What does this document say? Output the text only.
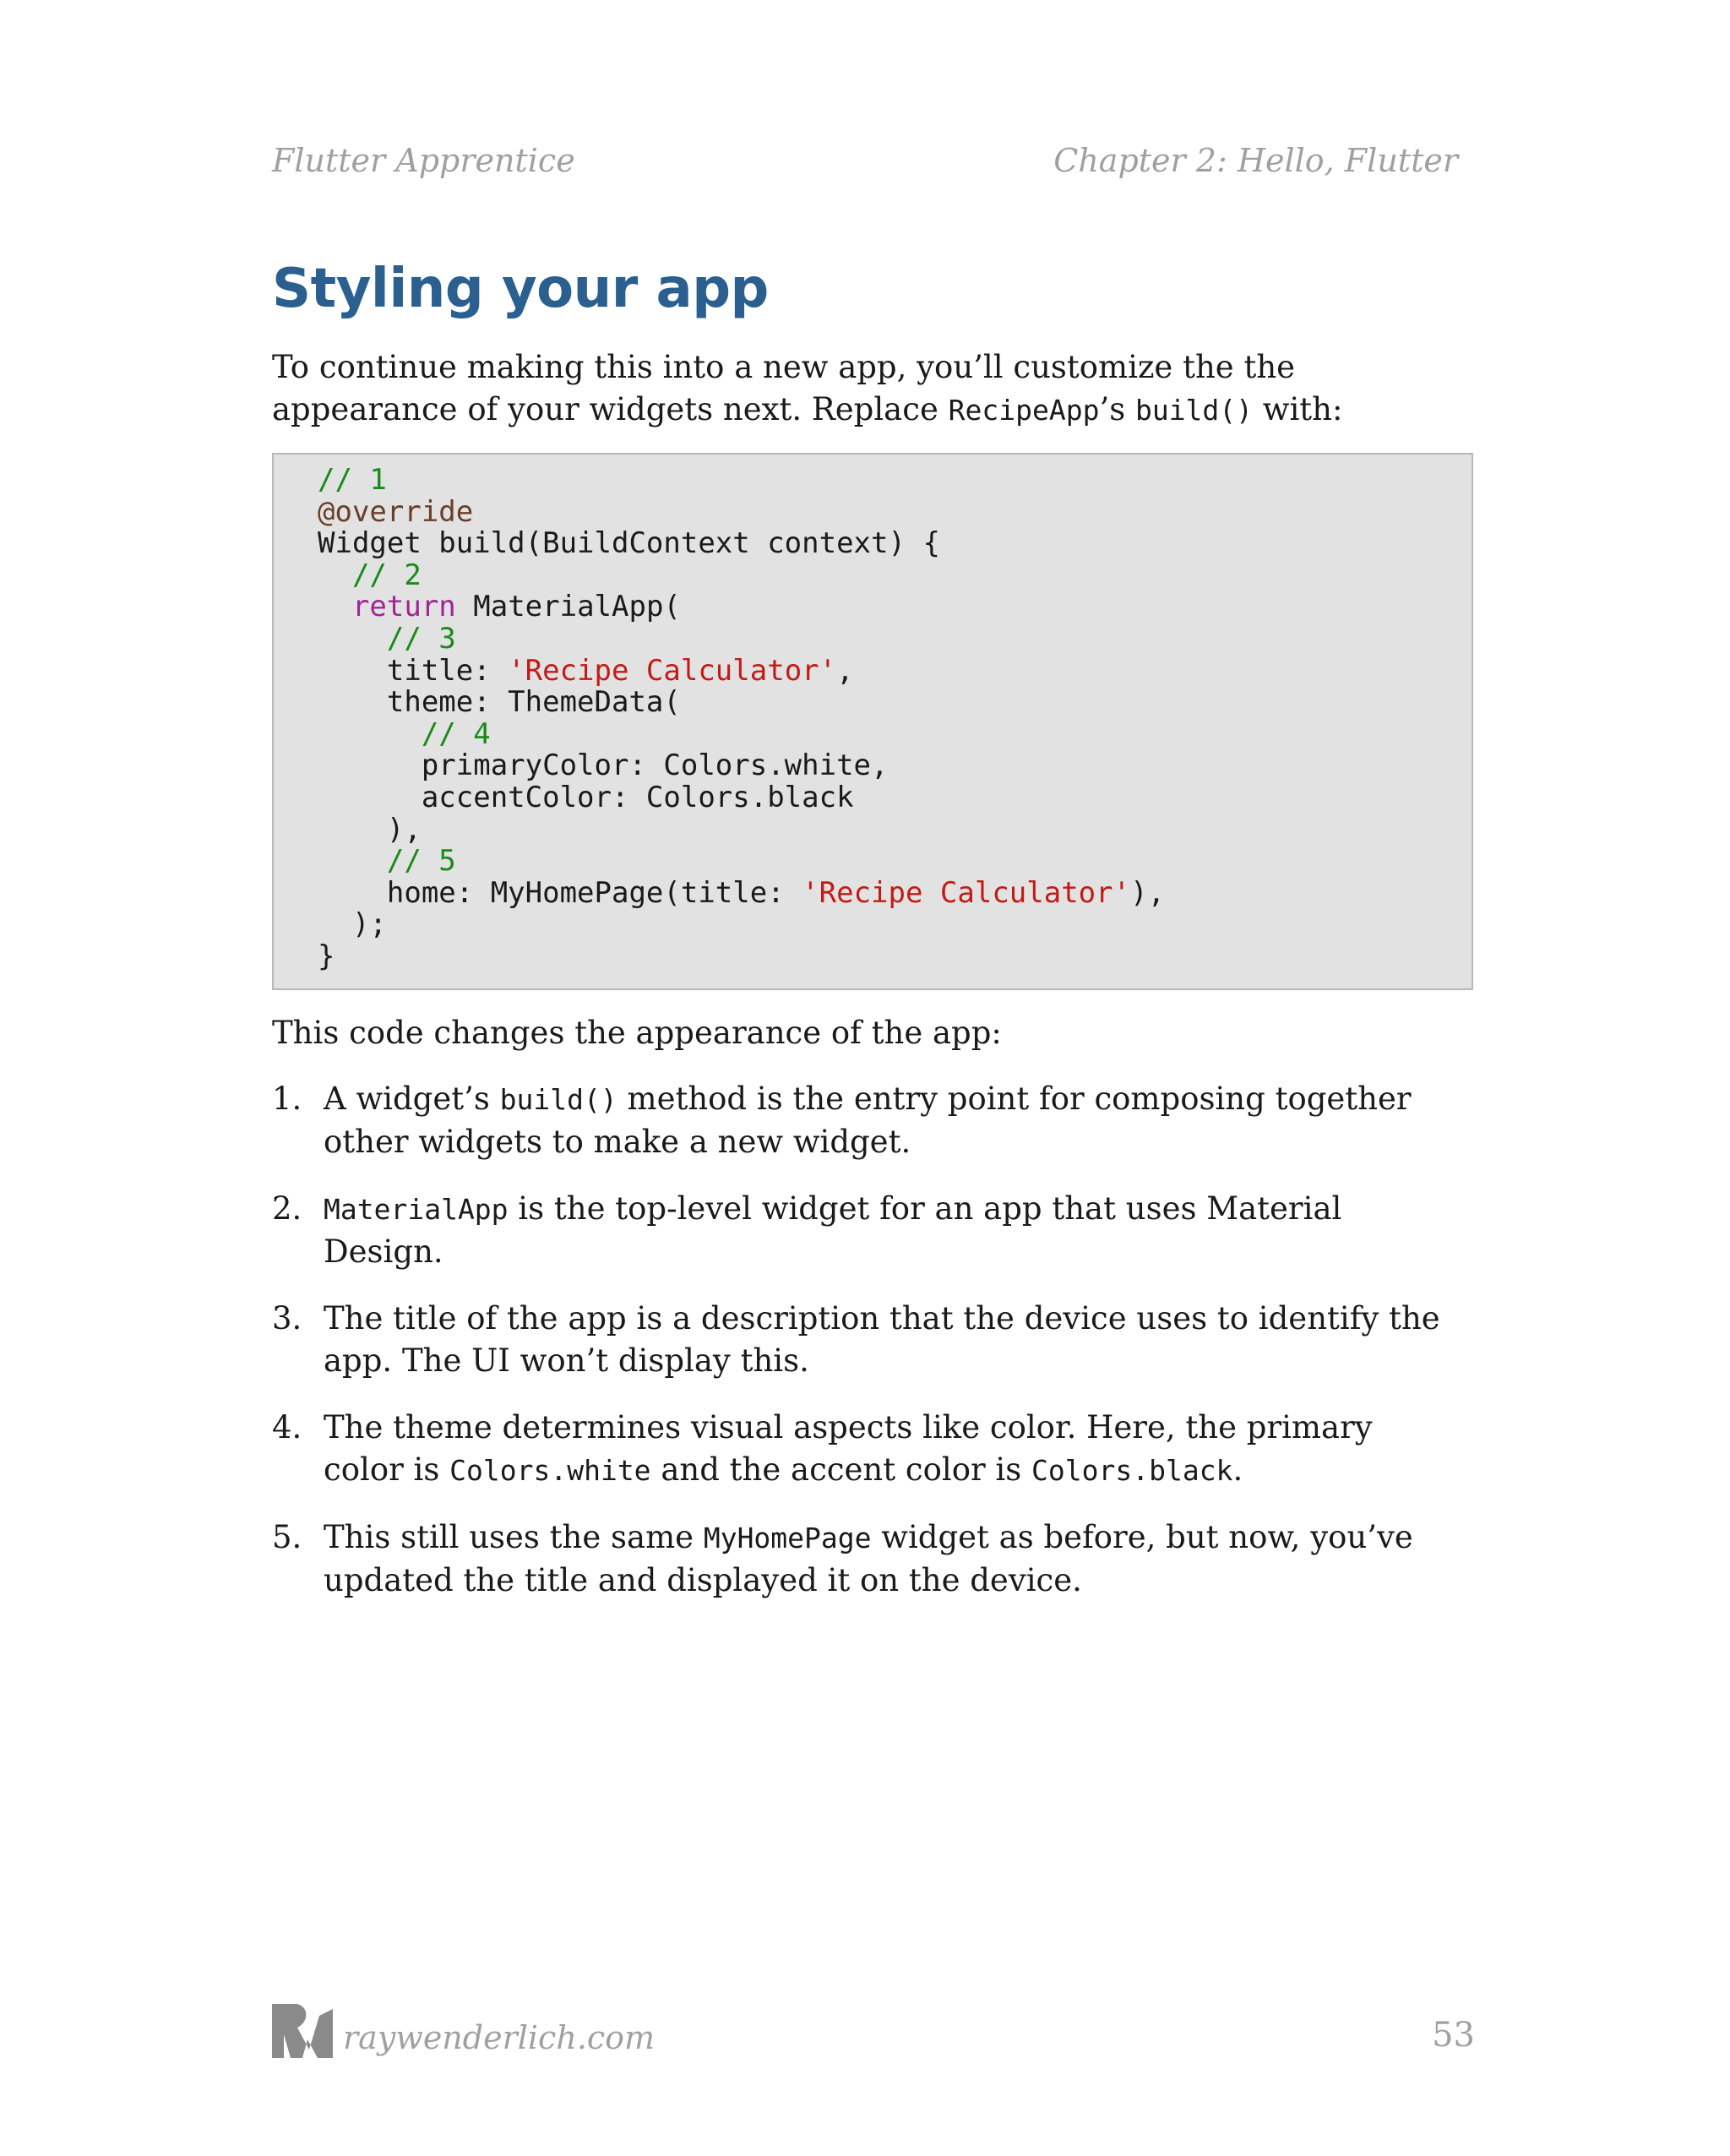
Flutter Apprentice	Chapter 2: Hello, Flutter
Styling your app

To continue making this into a new app, you’ll customize the the appearance of your widgets next. Replace RecipeApp’s build() with:

// 1
@override
Widget build(BuildContext context) {
// 2
return MaterialApp(
// 3
title: 'Recipe Calculator',
theme: ThemeData(
// 4
primaryColor: Colors.white,
accentColor: Colors.black
),
// 5
home: MyHomePage(title: 'Recipe Calculator'),
);
}

This code changes the appearance of the app:

1. A widget’s build() method is the entry point for composing together other widgets to make a new widget.
2. MaterialApp is the top-level widget for an app that uses Material Design.
3. The title of the app is a description that the device uses to identify the app. The UI won’t display this.
4. The theme determines visual aspects like color. Here, the primary color is Colors.white and the accent color is Colors.black.
5. This still uses the same MyHomePage widget as before, but now, you’ve updated the title and displayed it on the device.
raywenderlich.com	53
